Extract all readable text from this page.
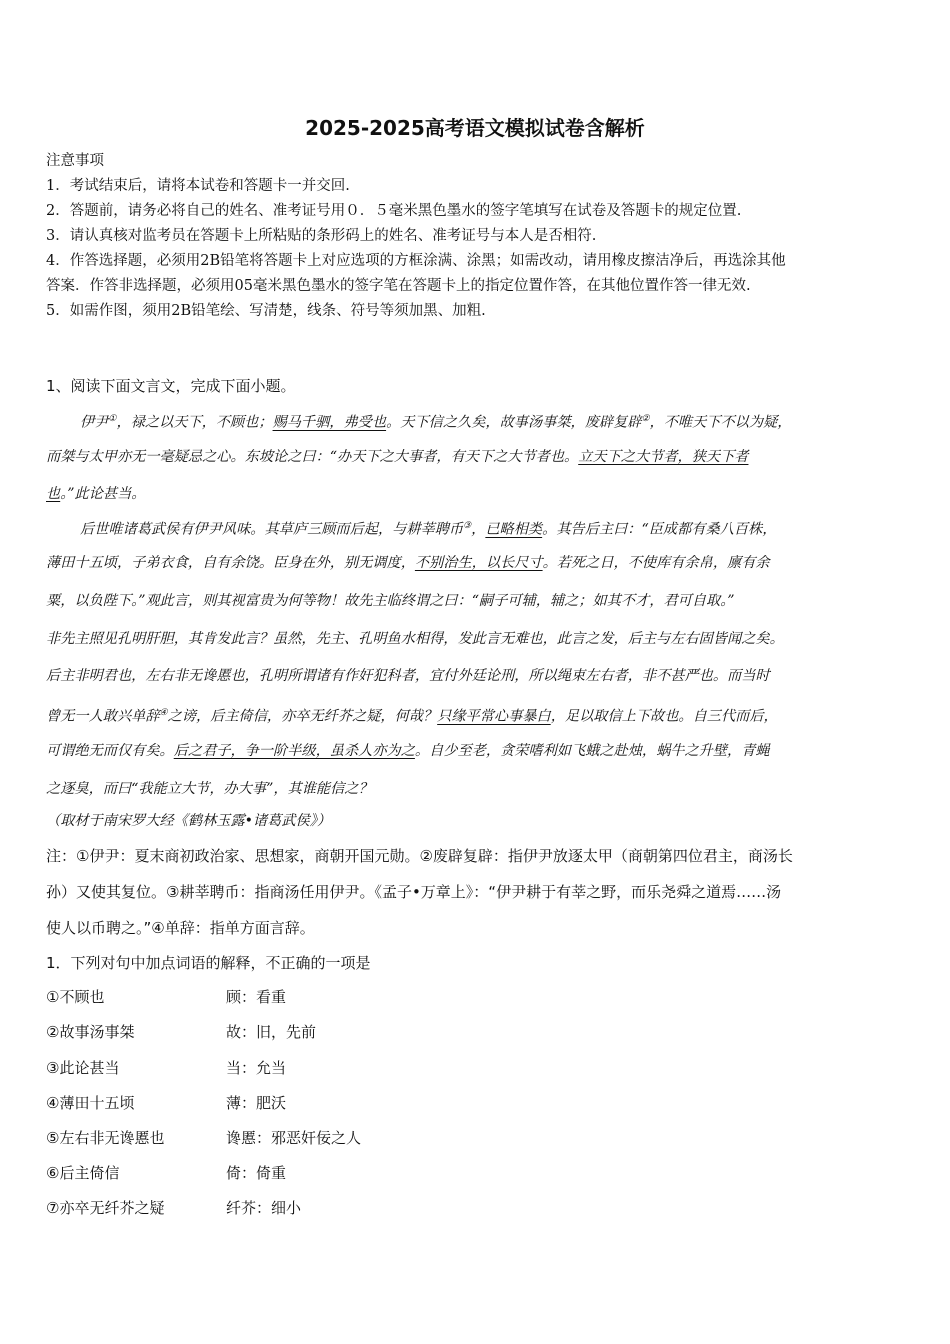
2025-2025高考语文模拟试卷含解析
注意事项
1．考试结束后，请将本试卷和答题卡一并交回.
2．答题前，请务必将自己的姓名、准考证号用０．５毫米黑色墨水的签字笔填写在试卷及答题卡的规定位置.
3．请认真核对监考员在答题卡上所粘贴的条形码上的姓名、准考证号与本人是否相符.
4．作答选择题，必须用2B铅笔将答题卡上对应选项的方框涂满、涂黑；如需改动，请用橡皮擦洁净后，再选涂其他
答案．作答非选择题，必须用05毫米黑色墨水的签字笔在答题卡上的指定位置作答，在其他位置作答一律无效.
5．如需作图，须用2B铅笔绘、写清楚，线条、符号等须加黑、加粗.
1、阅读下面文言文，完成下面小题。
伊尹①，禄之以天下，不顾也；赐马千驷，弗受也。天下信之久矣，故事汤事桀，废辟复辟②，不唯天下不以为疑，
而桀与太甲亦无一毫疑忌之心。东坡论之曰：“办天下之大事者，有天下之大节者也。立天下之大节者，狭天下者
也。”此论甚当。
后世唯诸葛武侯有伊尹风味。其草庐三顾而后起，与耕莘聘币③，已略相类。其告后主曰：“臣成都有桑八百株，
薄田十五顷，子弟衣食，自有余饶。臣身在外，别无调度，不别治生，以长尺寸。若死之日，不使库有余帛，廪有余
粟，以负陛下。”观此言，则其视富贵为何等物！故先主临终谓之曰：“嗣子可辅，辅之；如其不才，君可自取。”
非先主照见孔明肝胆，其肯发此言？虽然，先主、孔明鱼水相得，发此言无难也，此言之发，后主与左右固皆闻之矣。
后主非明君也，左右非无谗慝也，孔明所谓诸有作奸犯科者，宜付外廷论刑，所以绳束左右者，非不甚严也。而当时
曾无一人敢兴单辞④之谤，后主倚信，亦卒无纤芥之疑，何哉？只缘平常心事暴白，足以取信上下故也。自三代而后，
可谓绝无而仅有矣。后之君子，争一阶半级，虽杀人亦为之。自少至老，贪荣嗜利如飞蛾之赴烛，蜗牛之升壁，青蝇
之逐臭，而曰“我能立大节，办大事”，其谁能信之？
（取材于南宋罗大经《鹤林玉露•诸葛武侯》）
注：①伊尹：夏末商初政治家、思想家，商朝开国元勋。②废辟复辟：指伊尹放逐太甲（商朝第四位君主，商汤长
孙）又使其复位。③耕莘聘币：指商汤任用伊尹。《孟子•万章上》：“伊尹耕于有莘之野，而乐尧舜之道焉……汤
使人以币聘之。”④单辞：指单方面言辞。
1．下列对句中加点词语的解释，不正确的一项是
①不顾也	顾：看重
②故事汤事桀	故：旧，先前
③此论甚当	当：允当
④薄田十五顷	薄：肥沃
⑤左右非无谗慝也	谗慝：邪恶奸佞之人
⑥后主倚信	倚：倚重
⑦亦卒无纤芥之疑	纤芥：细小
